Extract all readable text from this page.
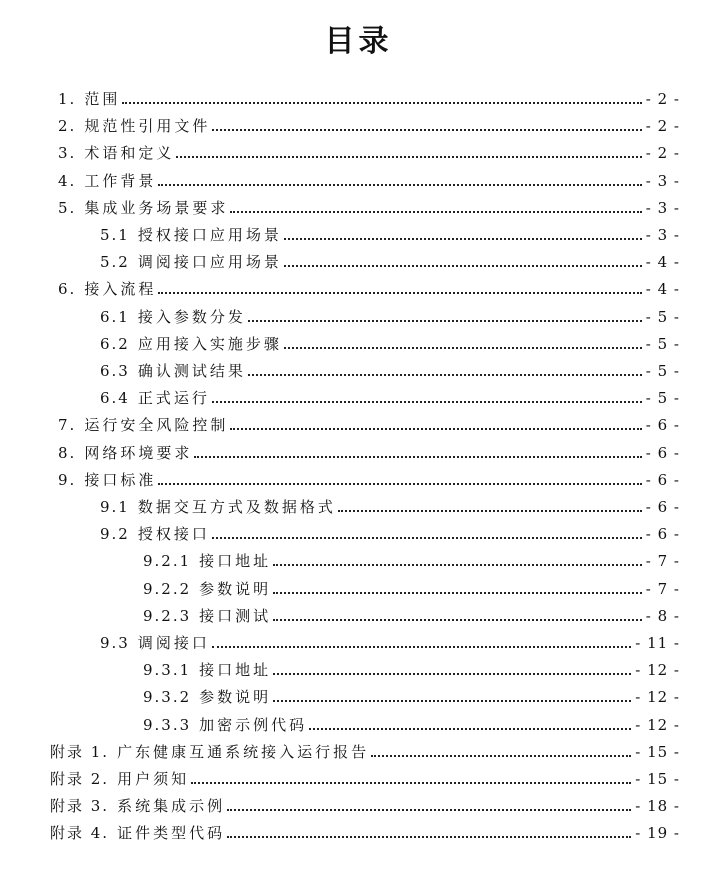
目录
1. 范围	- 2 -
2. 规范性引用文件	- 2 -
3. 术语和定义	- 2 -
4. 工作背景	- 3 -
5. 集成业务场景要求	- 3 -
5.1 授权接口应用场景	- 3 -
5.2 调阅接口应用场景	- 4 -
6. 接入流程	- 4 -
6.1 接入参数分发	- 5 -
6.2 应用接入实施步骤	- 5 -
6.3 确认测试结果	- 5 -
6.4 正式运行	- 5 -
7. 运行安全风险控制	- 6 -
8. 网络环境要求	- 6 -
9. 接口标准	- 6 -
9.1 数据交互方式及数据格式	- 6 -
9.2 授权接口	- 6 -
9.2.1 接口地址	- 7 -
9.2.2 参数说明	- 7 -
9.2.3 接口测试	- 8 -
9.3 调阅接口	- 11 -
9.3.1 接口地址	- 12 -
9.3.2 参数说明	- 12 -
9.3.3 加密示例代码	- 12 -
附录 1. 广东健康互通系统接入运行报告	- 15 -
附录 2. 用户须知	- 15 -
附录 3. 系统集成示例	- 18 -
附录 4. 证件类型代码	- 19 -
